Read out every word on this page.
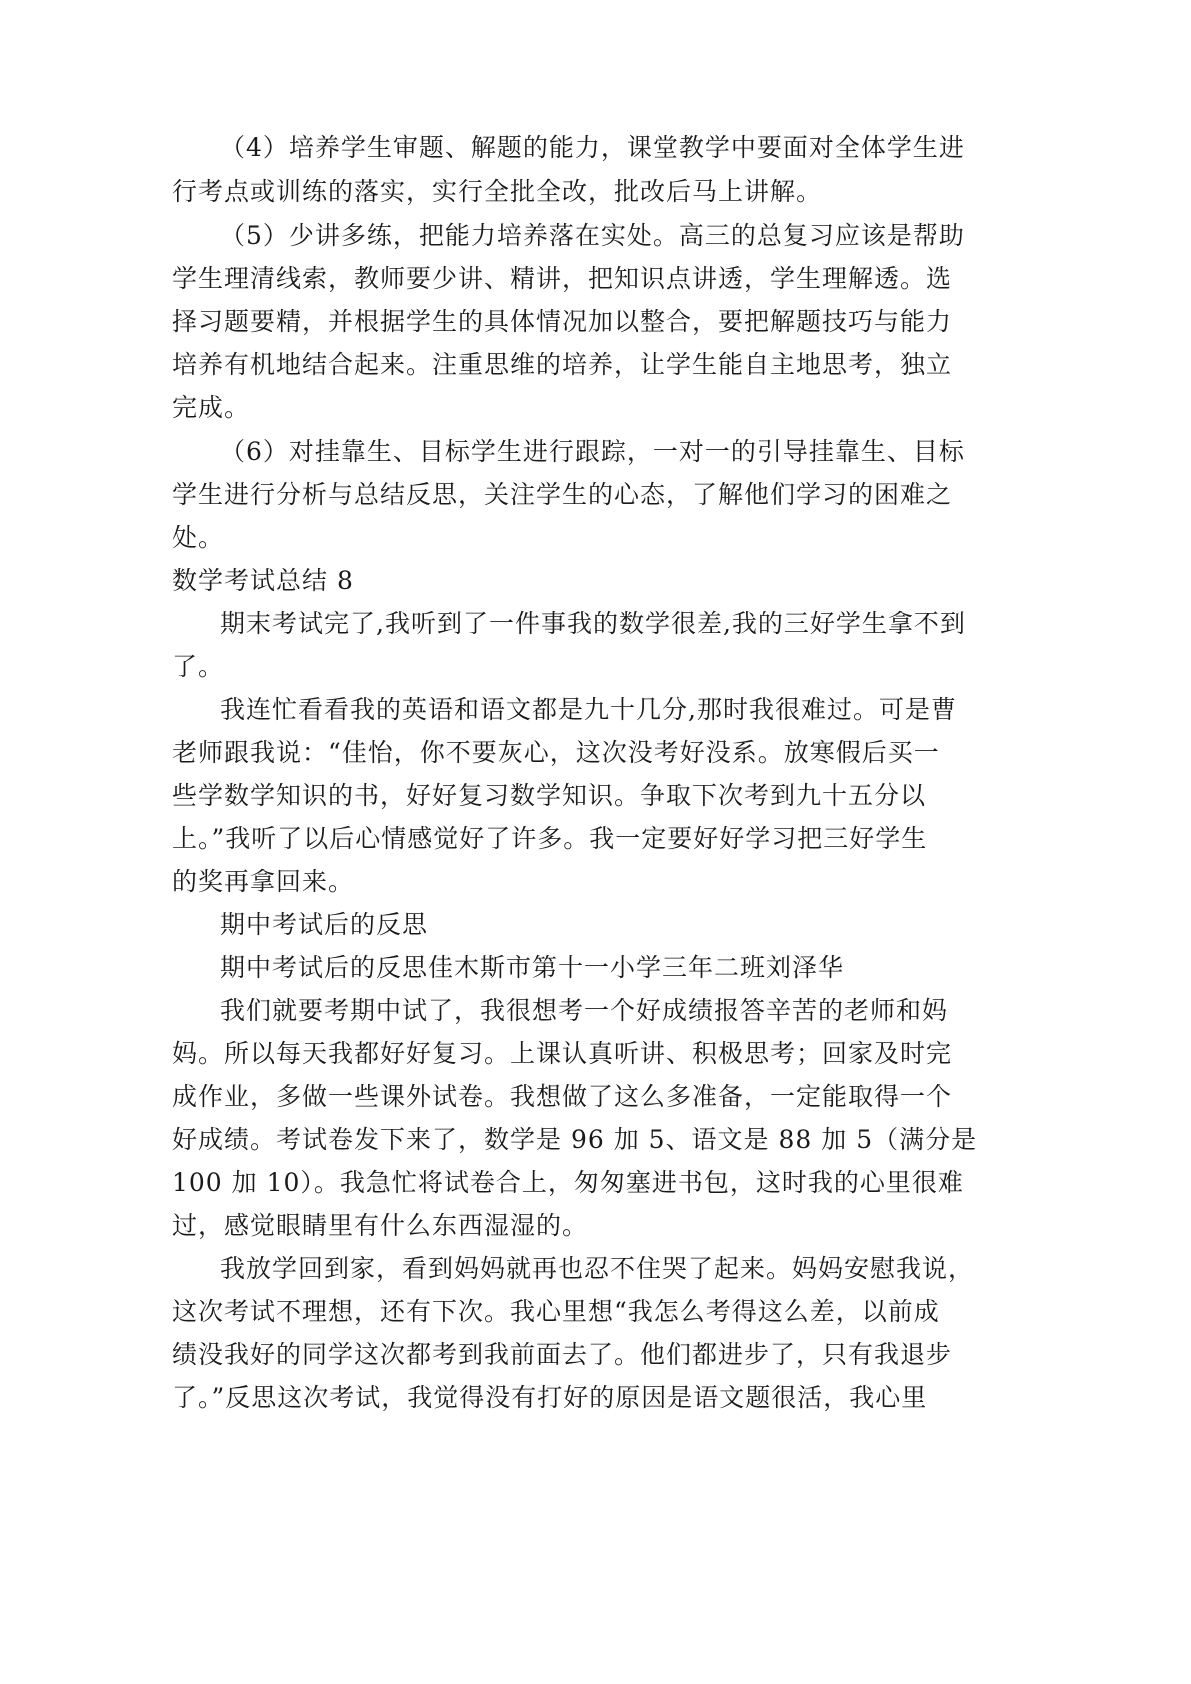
（4）培养学生审题、解题的能力，课堂教学中要面对全体学生进

行考点或训练的落实，实行全批全改，批改后马上讲解。

（5）少讲多练，把能力培养落在实处。高三的总复习应该是帮助

学生理清线索，教师要少讲、精讲，把知识点讲透，学生理解透。选

择习题要精，并根据学生的具体情况加以整合，要把解题技巧与能力

培养有机地结合起来。注重思维的培养，让学生能自主地思考，独立

完成。

（6）对挂靠生、目标学生进行跟踪，一对一的引导挂靠生、目标

学生进行分析与总结反思，关注学生的心态，了解他们学习的困难之

处。

数学考试总结 8

期末考试完了,我听到了一件事我的数学很差,我的三好学生拿不到

了。

我连忙看看我的英语和语文都是九十几分,那时我很难过。可是曹

老师跟我说：“佳怡，你不要灰心，这次没考好没系。放寒假后买一

些学数学知识的书，好好复习数学知识。争取下次考到九十五分以

上。”我听了以后心情感觉好了许多。我一定要好好学习把三好学生

的奖再拿回来。

期中考试后的反思

期中考试后的反思佳木斯市第十一小学三年二班刘泽华

我们就要考期中试了，我很想考一个好成绩报答辛苦的老师和妈

妈。所以每天我都好好复习。上课认真听讲、积极思考；回家及时完

成作业，多做一些课外试卷。我想做了这么多准备，一定能取得一个

好成绩。考试卷发下来了，数学是 96 加 5、语文是 88 加 5（满分是

100 加 10）。我急忙将试卷合上，匆匆塞进书包，这时我的心里很难

过，感觉眼睛里有什么东西湿湿的。

我放学回到家，看到妈妈就再也忍不住哭了起来。妈妈安慰我说，

这次考试不理想，还有下次。我心里想“我怎么考得这么差，以前成

绩没我好的同学这次都考到我前面去了。他们都进步了，只有我退步

了。”反思这次考试，我觉得没有打好的原因是语文题很活，我心里
